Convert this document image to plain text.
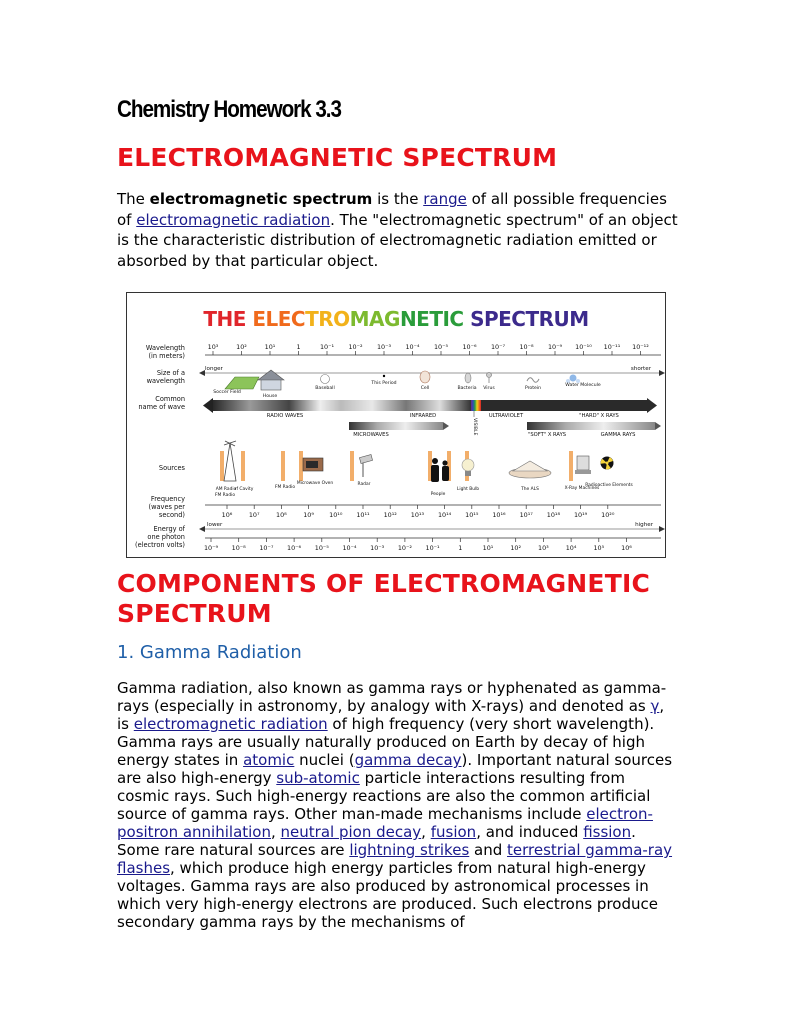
Chemistry Homework 3.3
ELECTROMAGNETIC SPECTRUM

The electromagnetic spectrum is the range of all possible frequencies of electromagnetic radiation. The "electromagnetic spectrum" of an object is the characteristic distribution of electromagnetic radiation emitted or absorbed by that particular object.

THE ELECTROMAGNETIC SPECTRUM
Wavelength
(in meters)
Size of a
wavelength
Common
name of wave
Sources
Frequency
(waves per
second)
Energy of
one photon
(electron volts)
10³	10²	10¹	1	10⁻¹ 10⁻² 10⁻³ 10⁻⁴ 10⁻⁵ 10⁻⁶ 10⁻⁷ 10⁻⁸ 10⁻⁹ 10⁻¹⁰ 10⁻¹¹ 10⁻¹²
longer	shorter
Soccer Field
House
Baseball
This Period
Cell	Bacteria Virus	Protein
Water Molecule
RADIO WAVES	INFRARED	ULTRAVIOLET	"HARD" X RAYS
MICROWAVES	"SOFT" X RAYS	GAMMA RAYS
VISIBLE
AM Radio
FM Radio
rf Cavity	FM Radio
Microwave Oven	Radar
People
Light Bulb	The ALS	X-Ray Machines
Radioactive Elements
10⁶	10⁷	10⁸	10⁹ 10¹⁰ 10¹¹ 10¹² 10¹³ 10¹⁴ 10¹⁵ 10¹⁶ 10¹⁷ 10¹⁸ 10¹⁹ 10²⁰
lower	higher
10⁻⁹ 10⁻⁸ 10⁻⁷ 10⁻⁶ 10⁻⁵ 10⁻⁴ 10⁻³ 10⁻² 10⁻¹	1	10¹	10²	10³	10⁴	10⁵	10⁶
COMPONENTS OF ELECTROMAGNETIC SPECTRUM
1. Gamma Radiation

Gamma radiation, also known as gamma rays or hyphenated as gamma-rays (especially in astronomy, by analogy with X-rays) and denoted as γ, is electromagnetic radiation of high frequency (very short wavelength). Gamma rays are usually naturally produced on Earth by decay of high energy states in atomic nuclei (gamma decay). Important natural sources are also high-energy sub-atomic particle interactions resulting from cosmic rays. Such high-energy reactions are also the common artificial source of gamma rays. Other man-made mechanisms include electron-positron annihilation, neutral pion decay, fusion, and induced fission. Some rare natural sources are lightning strikes and terrestrial gamma-ray flashes, which produce high energy particles from natural high-energy voltages. Gamma rays are also produced by astronomical processes in which very high-energy electrons are produced. Such electrons produce secondary gamma rays by the mechanisms of
